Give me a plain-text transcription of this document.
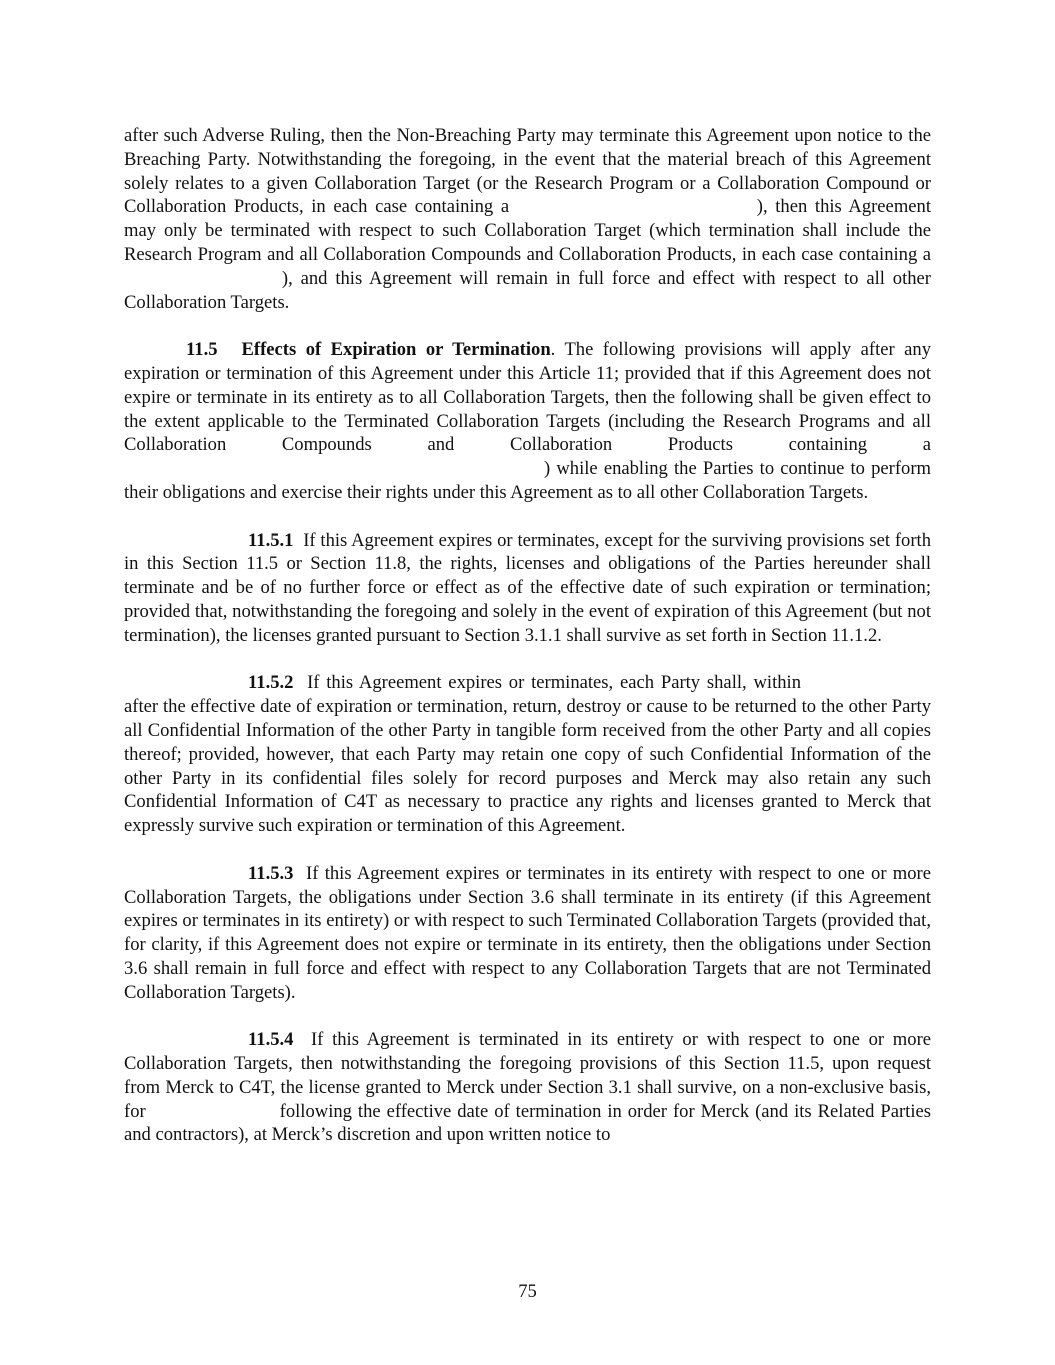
after such Adverse Ruling, then the Non-Breaching Party may terminate this Agreement upon notice to the Breaching Party. Notwithstanding the foregoing, in the event that the material breach of this Agreement solely relates to a given Collaboration Target (or the Research Program or a Collaboration Compound or Collaboration Products, in each case containing a	), then this Agreement may only be terminated with respect to such Collaboration Target (which termination shall include the Research Program and all Collaboration Compounds and Collaboration Products, in each case containing a ), and this Agreement will remain in full force and effect with respect to all other Collaboration Targets.

11.5 Effects of Expiration or Termination. The following provisions will apply after any expiration or termination of this Agreement under this Article 11; provided that if this Agreement does not expire or terminate in its entirety as to all Collaboration Targets, then the following shall be given effect to the extent applicable to the Terminated Collaboration Targets (including the Research Programs and all Collaboration Compounds and Collaboration Products containing a) while enabling the Parties to continue to perform their obligations and exercise their rights under this Agreement as to all other Collaboration Targets.

11.5.1 If this Agreement expires or terminates, except for the surviving provisions set forth in this Section 11.5 or Section 11.8, the rights, licenses and obligations of the Parties hereunder shall terminate and be of no further force or effect as of the effective date of such expiration or termination; provided that, notwithstanding the foregoing and solely in the event of expiration of this Agreement (but not termination), the licenses granted pursuant to Section 3.1.1 shall survive as set forth in Section 11.1.2.

11.5.2 If this Agreement expires or terminates, each Party shall, within after the effective date of expiration or termination, return, destroy or cause to be returned to the other Party all Confidential Information of the other Party in tangible form received from the other Party and all copies thereof; provided, however, that each Party may retain one copy of such Confidential Information of the other Party in its confidential files solely for record purposes and Merck may also retain any such Confidential Information of C4T as necessary to practice any rights and licenses granted to Merck that expressly survive such expiration or termination of this Agreement.

11.5.3 If this Agreement expires or terminates in its entirety with respect to one or more Collaboration Targets, the obligations under Section 3.6 shall terminate in its entirety (if this Agreement expires or terminates in its entirety) or with respect to such Terminated Collaboration Targets (provided that, for clarity, if this Agreement does not expire or terminate in its entirety, then the obligations under Section 3.6 shall remain in full force and effect with respect to any Collaboration Targets that are not Terminated Collaboration Targets).

11.5.4 If this Agreement is terminated in its entirety or with respect to one or more Collaboration Targets, then notwithstanding the foregoing provisions of this Section 11.5, upon request from Merck to C4T, the license granted to Merck under Section 3.1 shall survive, on a non-exclusive basis, for	following the effective date of termination in order for Merck (and its Related Parties and contractors), at Merck’s discretion and upon written notice to

75
